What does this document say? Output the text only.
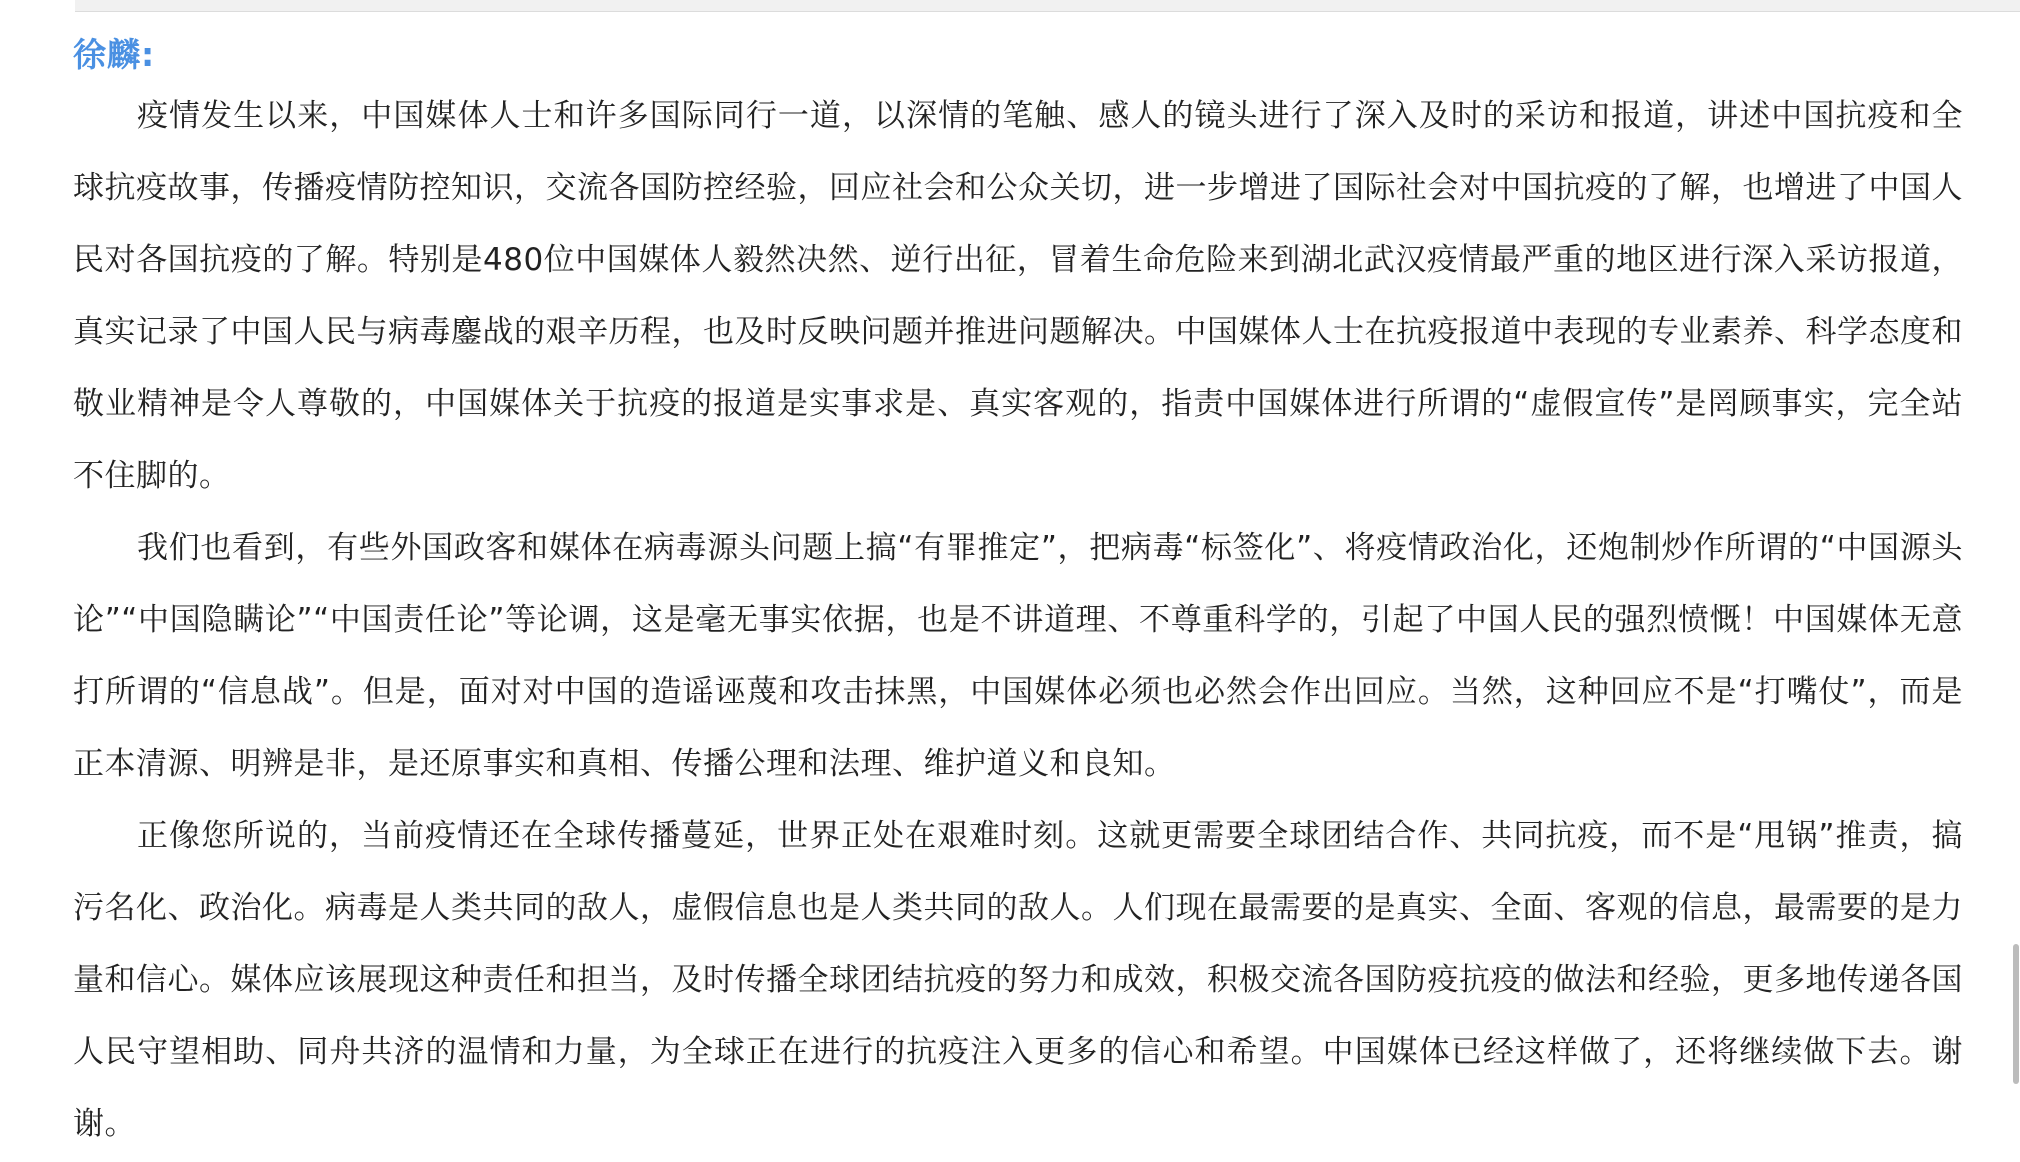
徐麟:

疫情发生以来，中国媒体人士和许多国际同行一道，以深情的笔触、感人的镜头进行了深入及时的采访和报道，讲述中国抗疫和全球抗疫故事，传播疫情防控知识，交流各国防控经验，回应社会和公众关切，进一步增进了国际社会对中国抗疫的了解，也增进了中国人民对各国抗疫的了解。特别是480位中国媒体人毅然决然、逆行出征，冒着生命危险来到湖北武汉疫情最严重的地区进行深入采访报道，真实记录了中国人民与病毒鏖战的艰辛历程，也及时反映问题并推进问题解决。中国媒体人士在抗疫报道中表现的专业素养、科学态度和敬业精神是令人尊敬的，中国媒体关于抗疫的报道是实事求是、真实客观的，指责中国媒体进行所谓的“虚假宣传”是罔顾事实，完全站不住脚的。

我们也看到，有些外国政客和媒体在病毒源头问题上搞“有罪推定”，把病毒“标签化”、将疫情政治化，还炮制炒作所谓的“中国源头论”“中国隐瞒论”“中国责任论”等论调，这是毫无事实依据，也是不讲道理、不尊重科学的，引起了中国人民的强烈愤慨！中国媒体无意打所谓的“信息战”。但是，面对对中国的造谣诬蔑和攻击抹黑，中国媒体必须也必然会作出回应。当然，这种回应不是“打嘴仗”，而是正本清源、明辨是非，是还原事实和真相、传播公理和法理、维护道义和良知。

正像您所说的，当前疫情还在全球传播蔓延，世界正处在艰难时刻。这就更需要全球团结合作、共同抗疫，而不是“甩锅”推责，搞污名化、政治化。病毒是人类共同的敌人，虚假信息也是人类共同的敌人。人们现在最需要的是真实、全面、客观的信息，最需要的是力量和信心。媒体应该展现这种责任和担当，及时传播全球团结抗疫的努力和成效，积极交流各国防疫抗疫的做法和经验，更多地传递各国人民守望相助、同舟共济的温情和力量，为全球正在进行的抗疫注入更多的信心和希望。中国媒体已经这样做了，还将继续做下去。谢谢。
